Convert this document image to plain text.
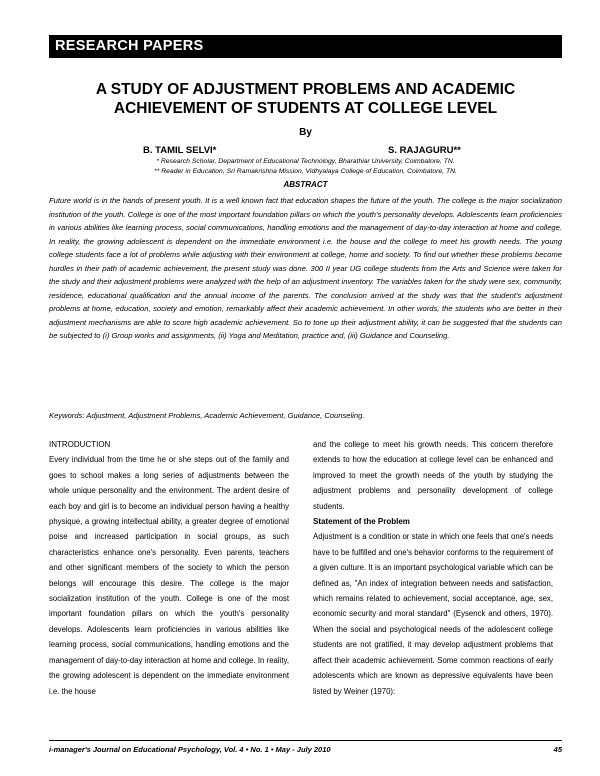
RESEARCH PAPERS
A STUDY OF ADJUSTMENT PROBLEMS AND ACADEMIC
ACHIEVEMENT OF STUDENTS AT COLLEGE LEVEL
By
B. TAMIL SELVI*	S. RAJAGURU**
* Research Scholar, Department of Educational Technology, Bharathiar University, Coimbatore, TN.
** Reader in Education, Sri Ramakrishna Mission, Vidhyalaya College of Education, Coimbatore, TN.
ABSTRACT

Future world is in the hands of present youth. It is a well known fact that education shapes the future of the youth. The college is the major socialization institution of the youth. College is one of the most important foundation pillars on which the youth's personality develops. Adolescents learn proficiencies in various abilities like learning process, social communications, handling emotions and the management of day-to-day interaction at home and college. In reality, the growing adolescent is dependent on the immediate environment i.e. the house and the college to meet his growth needs. The young college students face a lot of problems while adjusting with their environment at college, home and society. To find out whether these problems become hurdles in their path of academic achievement, the present study was done. 300 II year UG college students from the Arts and Science were taken for the study and their adjustment problems were analyzed with the help of an adjustment inventory. The variables taken for the study were sex, community, residence, educational qualification and the annual income of the parents. The conclusion arrived at the study was that the student's adjustment problems at home, education, society and emotion, remarkably affect their academic achievement. In other words, the students who are better in their adjustment mechanisms are able to score high academic achievement. So to tone up their adjustment ability, it can be suggested that the students can be subjected to (i) Group works and assignments, (ii) Yoga and Meditation, practice and, (iii) Guidance and Counseling.

Keywords: Adjustment, Adjustment Problems, Academic Achievement, Guidance, Counseling.

INTRODUCTION

Every individual from the time he or she steps out of the family and goes to school makes a long series of adjustments between the whole unique personality and the environment. The ardent desire of each boy and girl is to become an individual person having a healthy physique, a growing intellectual ability, a greater degree of emotional poise and increased participation in social groups, as such characteristics enhance one's personality. Even parents, teachers and other significant members of the society to which the person belongs will encourage this desire. The college is the major socialization institution of the youth. College is one of the most important foundation pillars on which the youth's personality develops. Adolescents learn proficiencies in various abilities like learning process, social communications, handling emotions and the management of day-to-day interaction at home and college. In reality, the growing adolescent is dependent on the immediate environment i.e. the house

and the college to meet his growth needs. This concern therefore extends to how the education at college level can be enhanced and improved to meet the growth needs of the youth by studying the adjustment problems and personality development of college students.

Statement of the Problem

Adjustment is a condition or state in which one feels that one's needs have to be fulfilled and one's behavior conforms to the requirement of a given culture. It is an important psychological variable which can be defined as, "An index of integration between needs and satisfaction, which remains related to achievement, social acceptance, age, sex, economic security and moral standard" (Eysenck and others, 1970). When the social and psychological needs of the adolescent college students are not gratified, it may develop adjustment problems that affect their academic achievement. Some common reactions of early adolescents which are known as depressive equivalents have been listed by Weiner (1970):

i-manager's Journal on Educational Psychology, Vol. 4 • No. 1 • May - July 2010	45
